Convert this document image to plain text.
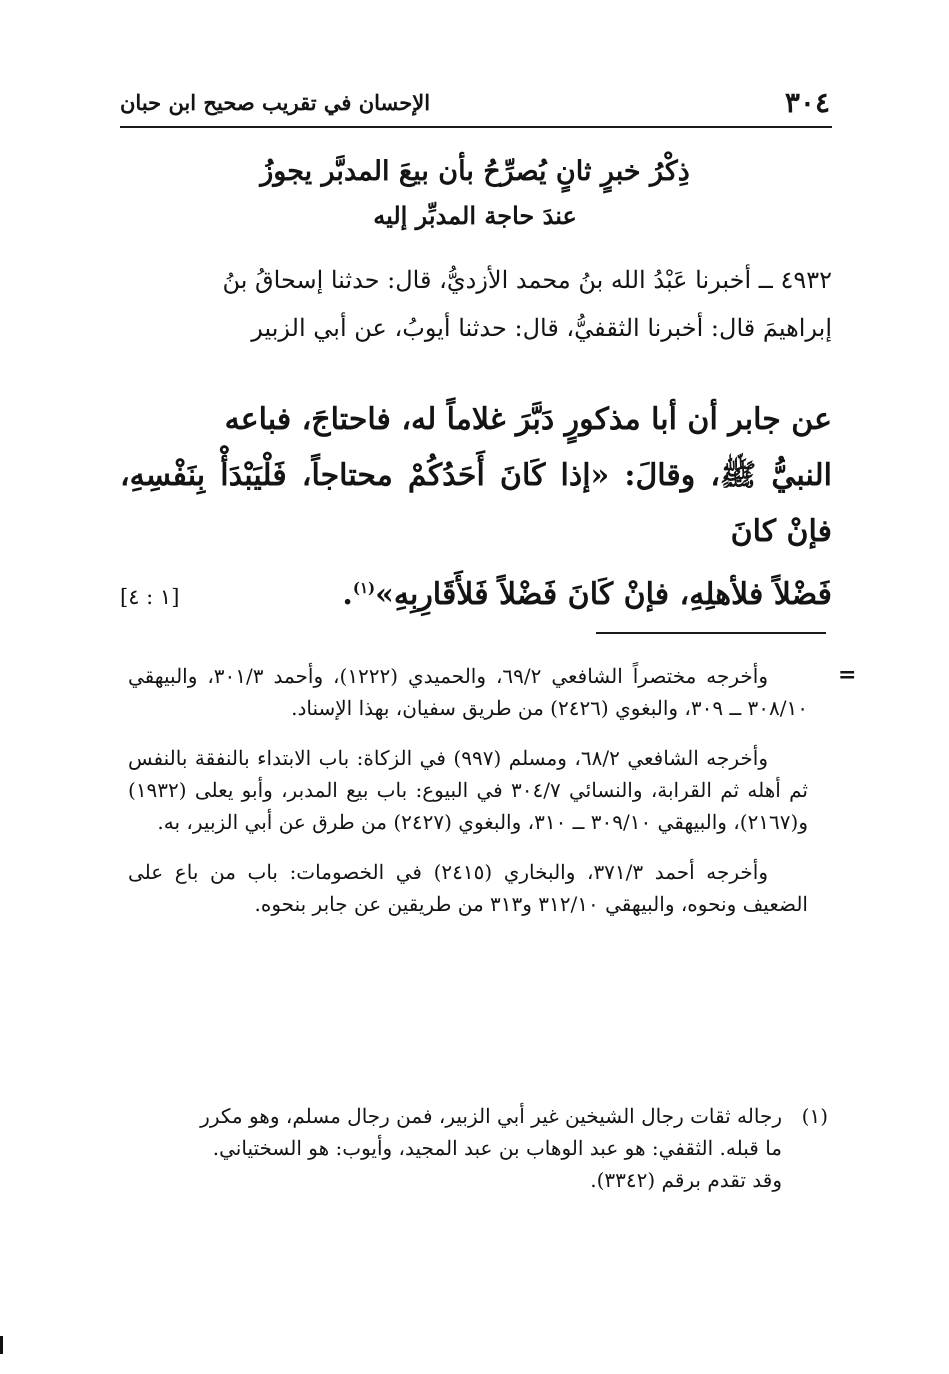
٣٠٤
الإحسان في تقريب صحيح ابن حبان
ذِكْرُ خبرٍ ثانٍ يُصرِّحُ بأن بيعَ المدبَّر يجوزُ
عندَ حاجة المدبِّر إليه

٤٩٣٢ ــ أخبرنا عَبْدُ الله بنُ محمد الأزديُّ، قال: حدثنا إسحاقُ بنُ

إبراهيمَ قال: أخبرنا الثقفيُّ، قال: حدثنا أيوبُ، عن أبي الزبير

عن جابر أن أبا مذكورٍ دَبَّرَ غلاماً له، فاحتاجَ، فباعه

النبيُّ ﷺ، وقالَ: «إذا كَانَ أَحَدُكُمْ محتاجاً، فَلْيَبْدَأْ بِنَفْسِهِ، فإنْ كانَ

فَضْلاً فلأهلِهِ، فإنْ كَانَ فَضْلاً فَلأَقَارِبِهِ»$^{(١)}$.
[١ : ٤]

=

وأخرجه مختصراً الشافعي ٦٩/٢، والحميدي (١٢٢٢)، وأحمد ٣٠١/٣، والبيهقي ٣٠٨/١٠ ــ ٣٠٩، والبغوي (٢٤٢٦) من طريق سفيان، بهذا الإسناد.

وأخرجه الشافعي ٦٨/٢، ومسلم (٩٩٧) في الزكاة: باب الابتداء بالنفقة بالنفس ثم أهله ثم القرابة، والنسائي ٣٠٤/٧ في البيوع: باب بيع المدبر، وأبو يعلى (١٩٣٢) و(٢١٦٧)، والبيهقي ٣٠٩/١٠ ــ ٣١٠، والبغوي (٢٤٢٧) من طرق عن أبي الزبير، به.

وأخرجه أحمد ٣٧١/٣، والبخاري (٢٤١٥) في الخصومات: باب من باع على الضعيف ونحوه، والبيهقي ٣١٢/١٠ و٣١٣ من طريقين عن جابر بنحوه.

(١)

رجاله ثقات رجال الشيخين غير أبي الزبير، فمن رجال مسلم، وهو مكرر

ما قبله. الثقفي: هو عبد الوهاب بن عبد المجيد، وأيوب: هو السختياني.

وقد تقدم برقم (٣٣٤٢).
